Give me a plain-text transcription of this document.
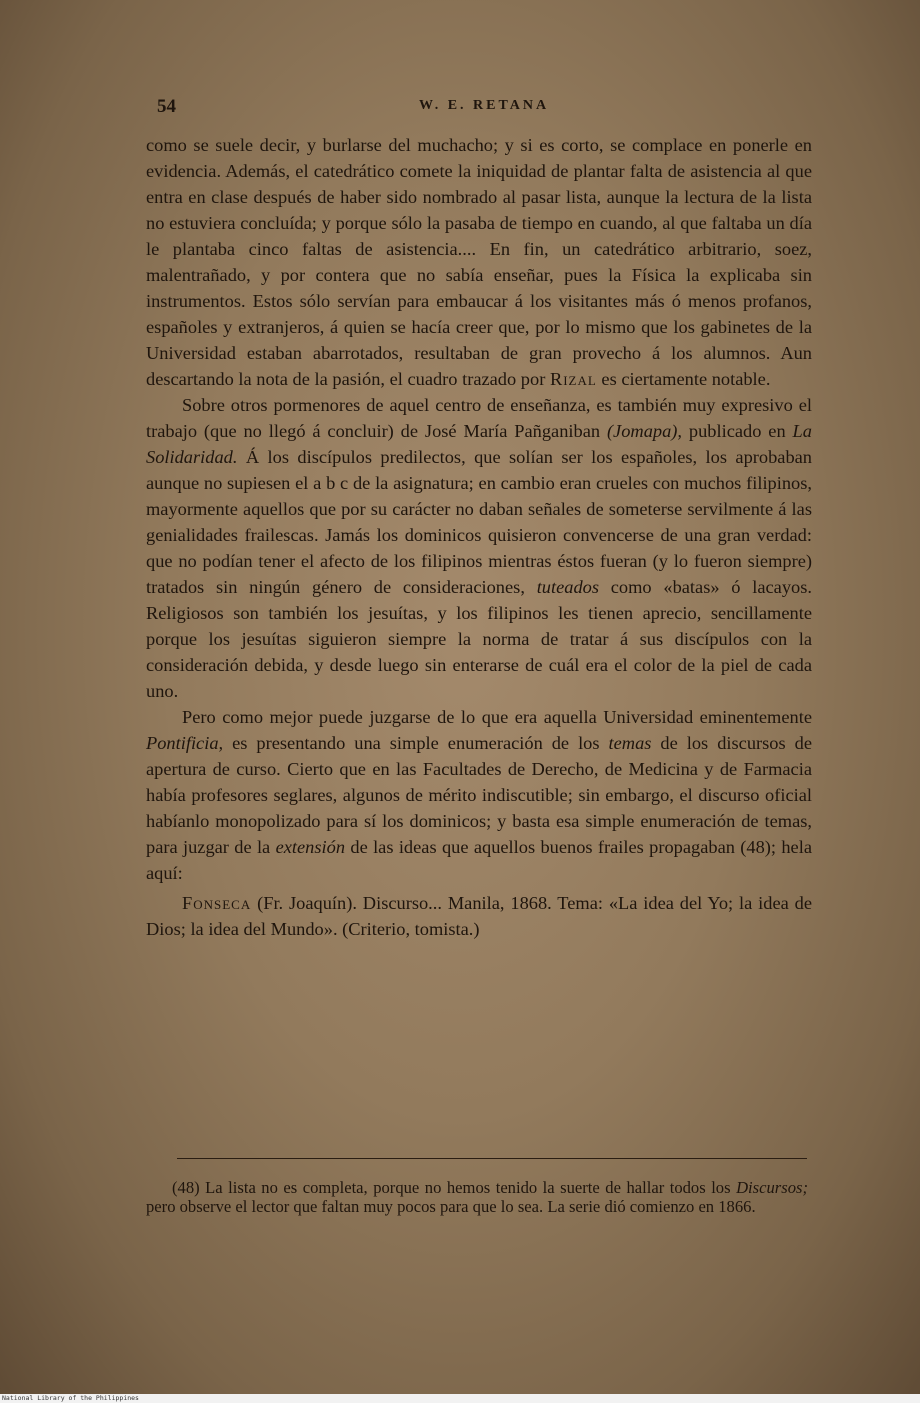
54	W. E. RETANA

como se suele decir, y burlarse del muchacho; y si es corto, se complace en ponerle en evidencia. Además, el catedrático comete la iniquidad de plantar falta de asistencia al que entra en clase después de haber sido nombrado al pasar lista, aunque la lectura de la lista no estuviera concluída; y porque sólo la pasaba de tiempo en cuando, al que faltaba un día le plantaba cinco faltas de asistencia.... En fin, un catedrático arbitrario, soez, malentrañado, y por contera que no sabía enseñar, pues la Física la explicaba sin instrumentos. Estos sólo servían para embaucar á los visitantes más ó menos profanos, españoles y extranjeros, á quien se hacía creer que, por lo mismo que los gabinetes de la Universidad estaban abarrotados, resultaban de gran provecho á los alumnos. Aun descartando la nota de la pasión, el cuadro trazado por Rizal es ciertamente notable.

Sobre otros pormenores de aquel centro de enseñanza, es también muy expresivo el trabajo (que no llegó á concluir) de José María Pañganiban (Jomapa), publicado en La Solidaridad. Á los discípulos predilectos, que solían ser los españoles, los aprobaban aunque no supiesen el a b c de la asignatura; en cambio eran crueles con muchos filipinos, mayormente aquellos que por su carácter no daban señales de someterse servilmente á las genialidades frailescas. Jamás los dominicos quisieron convencerse de una gran verdad: que no podían tener el afecto de los filipinos mientras éstos fueran (y lo fueron siempre) tratados sin ningún género de consideraciones, tuteados como «batas» ó lacayos. Religiosos son también los jesuítas, y los filipinos les tienen aprecio, sencillamente porque los jesuítas siguieron siempre la norma de tratar á sus discípulos con la consideración debida, y desde luego sin enterarse de cuál era el color de la piel de cada uno.

Pero como mejor puede juzgarse de lo que era aquella Universidad eminentemente Pontificia, es presentando una simple enumeración de los temas de los discursos de apertura de curso. Cierto que en las Facultades de Derecho, de Medicina y de Farmacia había profesores seglares, algunos de mérito indiscutible; sin embargo, el discurso oficial habíanlo monopolizado para sí los dominicos; y basta esa simple enumeración de temas, para juzgar de la extensión de las ideas que aquellos buenos frailes propagaban (48); hela aquí:

Fonseca (Fr. Joaquín). Discurso... Manila, 1868. Tema: «La idea del Yo; la idea de Dios; la idea del Mundo». (Criterio, tomista.)

(48) La lista no es completa, porque no hemos tenido la suerte de hallar todos los Discursos; pero observe el lector que faltan muy pocos para que lo sea. La serie dió comienzo en 1866.

National Library of the Philippines
